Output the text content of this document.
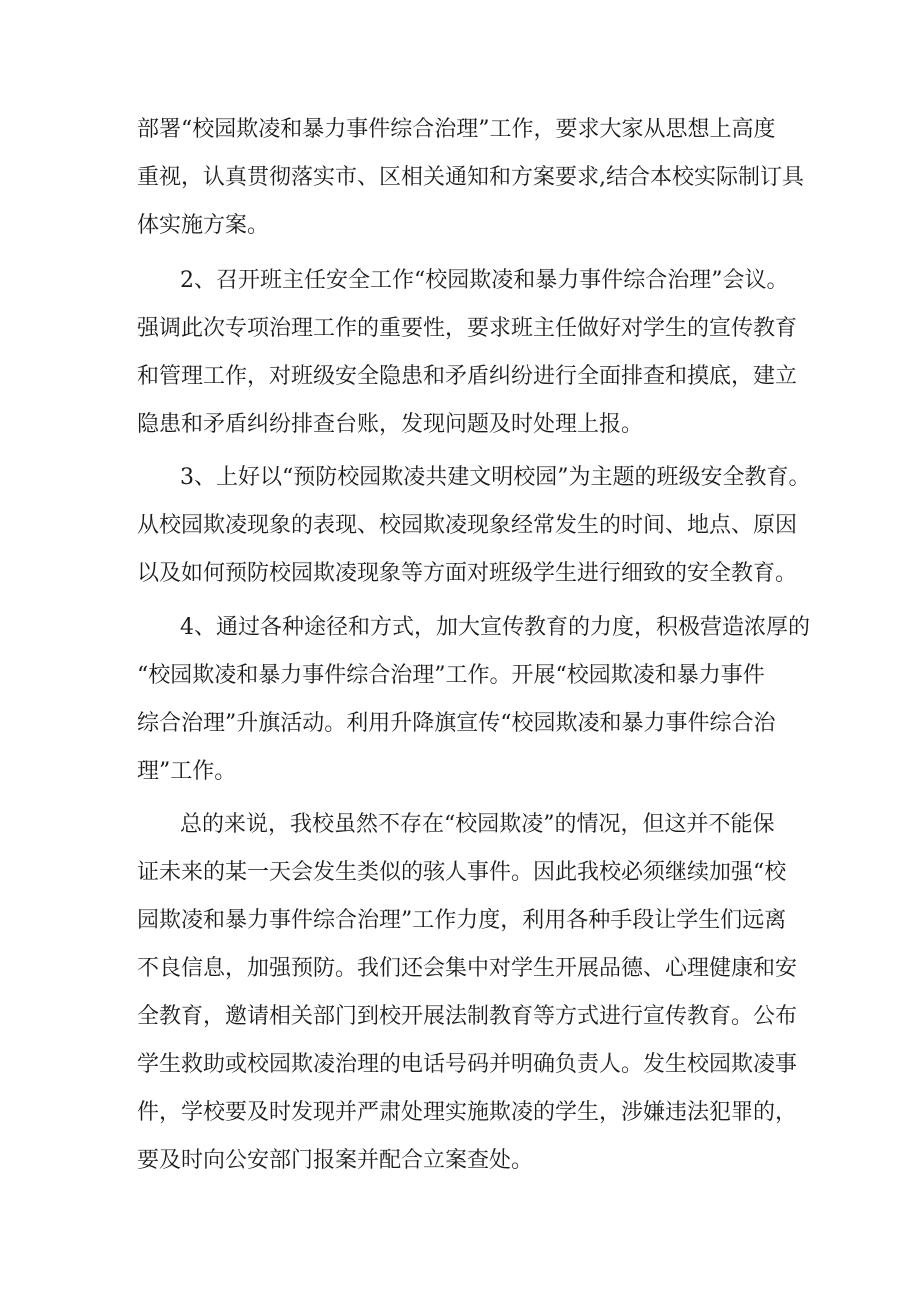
部署“校园欺凌和暴力事件综合治理”工作，要求大家从思想上高度

重视，认真贯彻落实市、区相关通知和方案要求,结合本校实际制订具

体实施方案。

2、召开班主任安全工作“校园欺凌和暴力事件综合治理”会议。

强调此次专项治理工作的重要性，要求班主任做好对学生的宣传教育

和管理工作，对班级安全隐患和矛盾纠纷进行全面排查和摸底，建立

隐患和矛盾纠纷排查台账，发现问题及时处理上报。

3、上好以“预防校园欺凌共建文明校园”为主题的班级安全教育。

从校园欺凌现象的表现、校园欺凌现象经常发生的时间、地点、原因

以及如何预防校园欺凌现象等方面对班级学生进行细致的安全教育。

4、通过各种途径和方式，加大宣传教育的力度，积极营造浓厚的

“校园欺凌和暴力事件综合治理”工作。开展“校园欺凌和暴力事件

综合治理”升旗活动。利用升降旗宣传“校园欺凌和暴力事件综合治

理”工作。

总的来说，我校虽然不存在“校园欺凌”的情况，但这并不能保

证未来的某一天会发生类似的骇人事件。因此我校必须继续加强“校

园欺凌和暴力事件综合治理”工作力度，利用各种手段让学生们远离

不良信息，加强预防。我们还会集中对学生开展品德、心理健康和安

全教育，邀请相关部门到校开展法制教育等方式进行宣传教育。公布

学生救助或校园欺凌治理的电话号码并明确负责人。发生校园欺凌事

件，学校要及时发现并严肃处理实施欺凌的学生，涉嫌违法犯罪的，

要及时向公安部门报案并配合立案查处。
